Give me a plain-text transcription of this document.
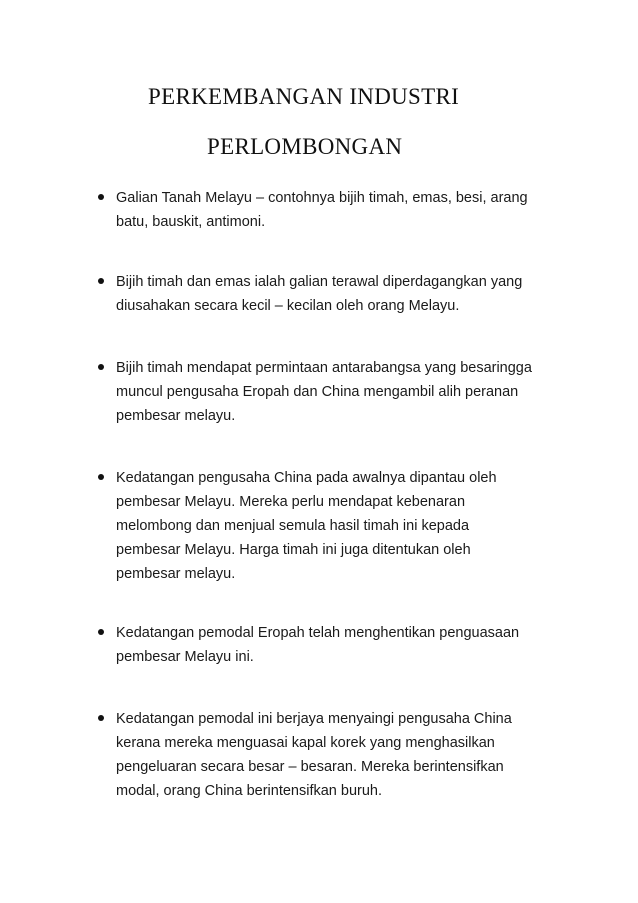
PERKEMBANGAN INDUSTRI
PERLOMBONGAN
Galian Tanah Melayu – contohnya bijih timah, emas, besi, arang
batu, bauskit, antimoni.
Bijih timah dan emas ialah galian terawal diperdagangkan yang
diusahakan secara kecil – kecilan oleh orang Melayu.
Bijih timah mendapat permintaan antarabangsa yang besaringga
muncul pengusaha Eropah dan China mengambil alih peranan
pembesar melayu.
Kedatangan pengusaha China pada awalnya dipantau oleh
pembesar Melayu. Mereka perlu mendapat kebenaran
melombong dan menjual semula hasil timah ini kepada
pembesar Melayu. Harga timah ini juga ditentukan oleh
pembesar melayu.
Kedatangan pemodal Eropah telah menghentikan penguasaan
pembesar Melayu ini.
Kedatangan pemodal ini berjaya menyaingi pengusaha China
kerana mereka menguasai kapal korek yang menghasilkan
pengeluaran secara besar – besaran. Mereka berintensifkan
modal, orang China berintensifkan buruh.
